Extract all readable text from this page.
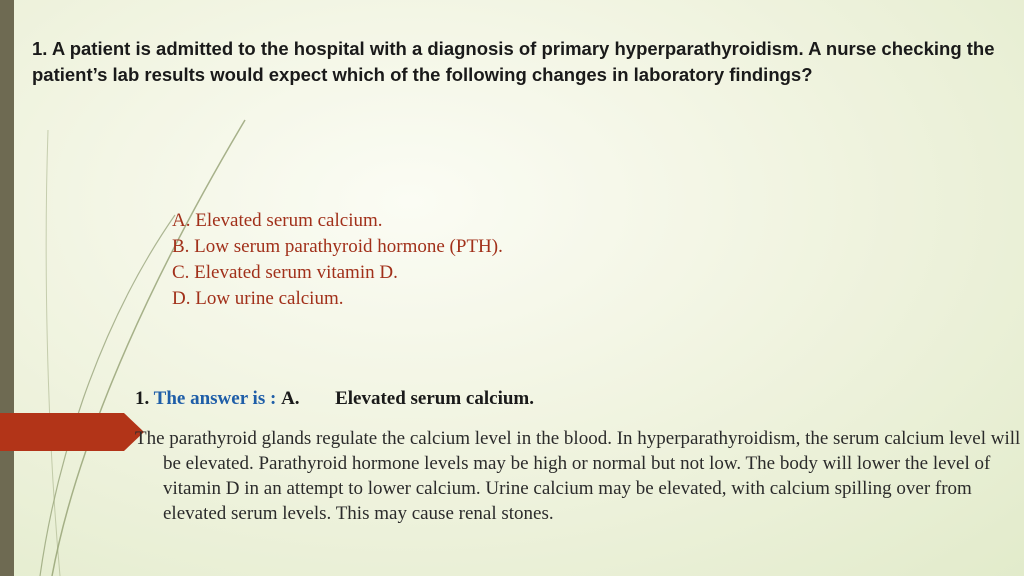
1. A patient is admitted to the hospital with a diagnosis of primary hyperparathyroidism. A nurse checking the patient’s lab results would expect which of the following changes in laboratory findings?

A. Elevated serum calcium.
B. Low serum parathyroid hormone (PTH).
C. Elevated serum vitamin D.
D. Low urine calcium.

1. The answer is : A. Elevated serum calcium.

The parathyroid glands regulate the calcium level in the blood. In hyperparathyroidism, the serum calcium level will be elevated. Parathyroid hormone levels may be high or normal but not low. The body will lower the level of vitamin D in an attempt to lower calcium. Urine calcium may be elevated, with calcium spilling over from elevated serum levels. This may cause renal stones.
